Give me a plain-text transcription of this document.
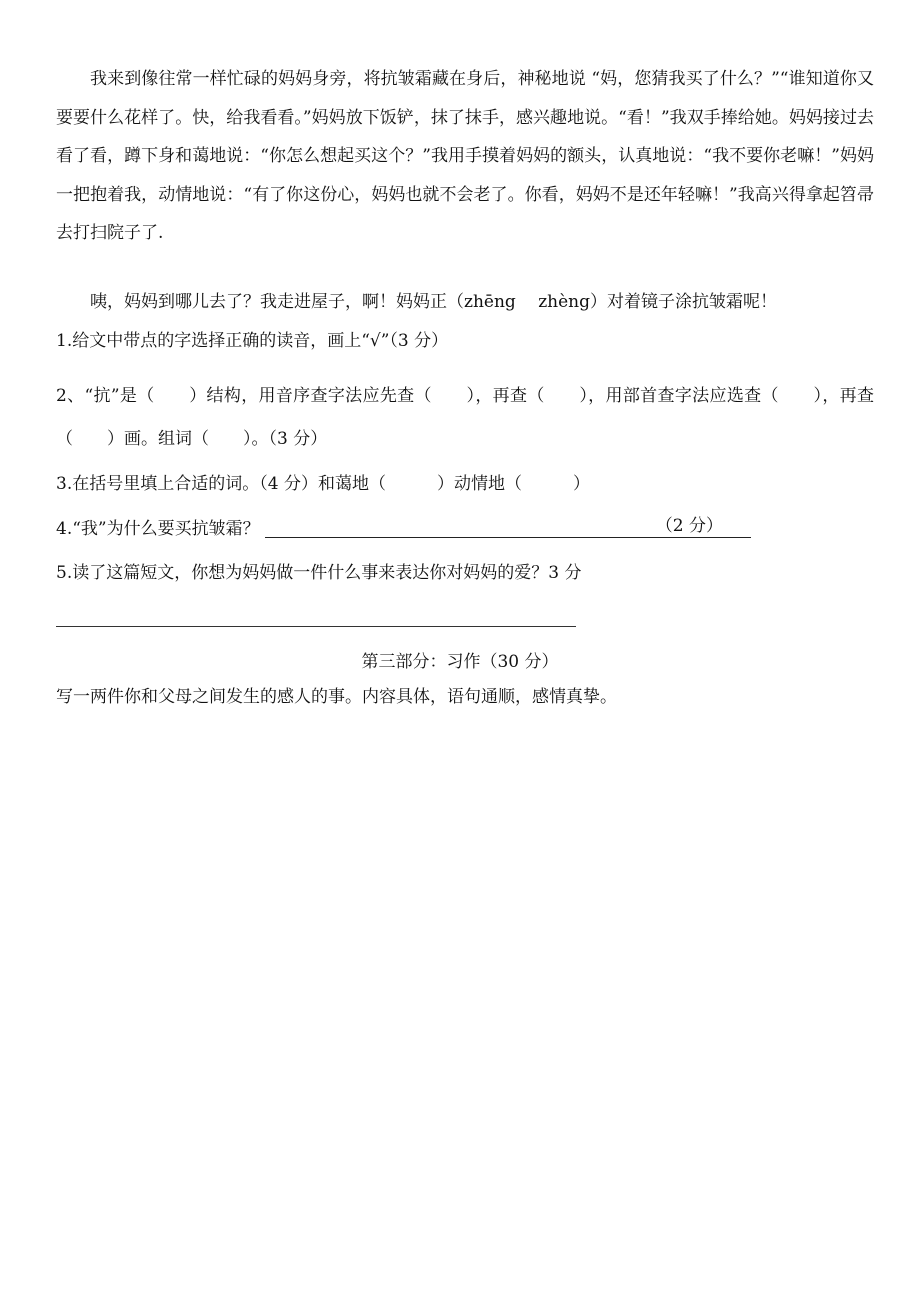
我来到像往常一样忙碌的妈妈身旁，将抗皱霜藏在身后，神秘地说 “妈，您猜我买了什么？”“谁知道你又要要什么花样了。快，给我看看。”妈妈放下饭铲，抹了抹手，感兴趣地说。“看！”我双手捧给她。妈妈接过去看了看，蹲下身和蔼地说：“你怎么想起买这个？”我用手摸着妈妈的额头，认真地说：“我不要你老嘛！”妈妈一把抱着我，动情地说：“有了你这份心，妈妈也就不会老了。你看，妈妈不是还年轻嘛！”我高兴得拿起笤帚去打扫院子了.
咦，妈妈到哪儿去了？我走进屋子，啊！妈妈正（zhēng　 zhèng）对着镜子涂抗皱霜呢！
1.给文中带点的字选择正确的读音，画上“√”（3 分）
2、“抗”是（　　）结构，用音序查字法应先查（　　），再查（　　），用部首查字法应选查（　　），再查（　　）画。组词（　　）。（3 分）
3.在括号里填上合适的词。（4 分）和蔼地（　　　）动情地（　　　）
4.“我”为什么要买抗皱霜？	（2 分）
5.读了这篇短文，你想为妈妈做一件什么事来表达你对妈妈的爱？3 分
第三部分：习作（30 分）
写一两件你和父母之间发生的感人的事。内容具体，语句通顺，感情真挚。
